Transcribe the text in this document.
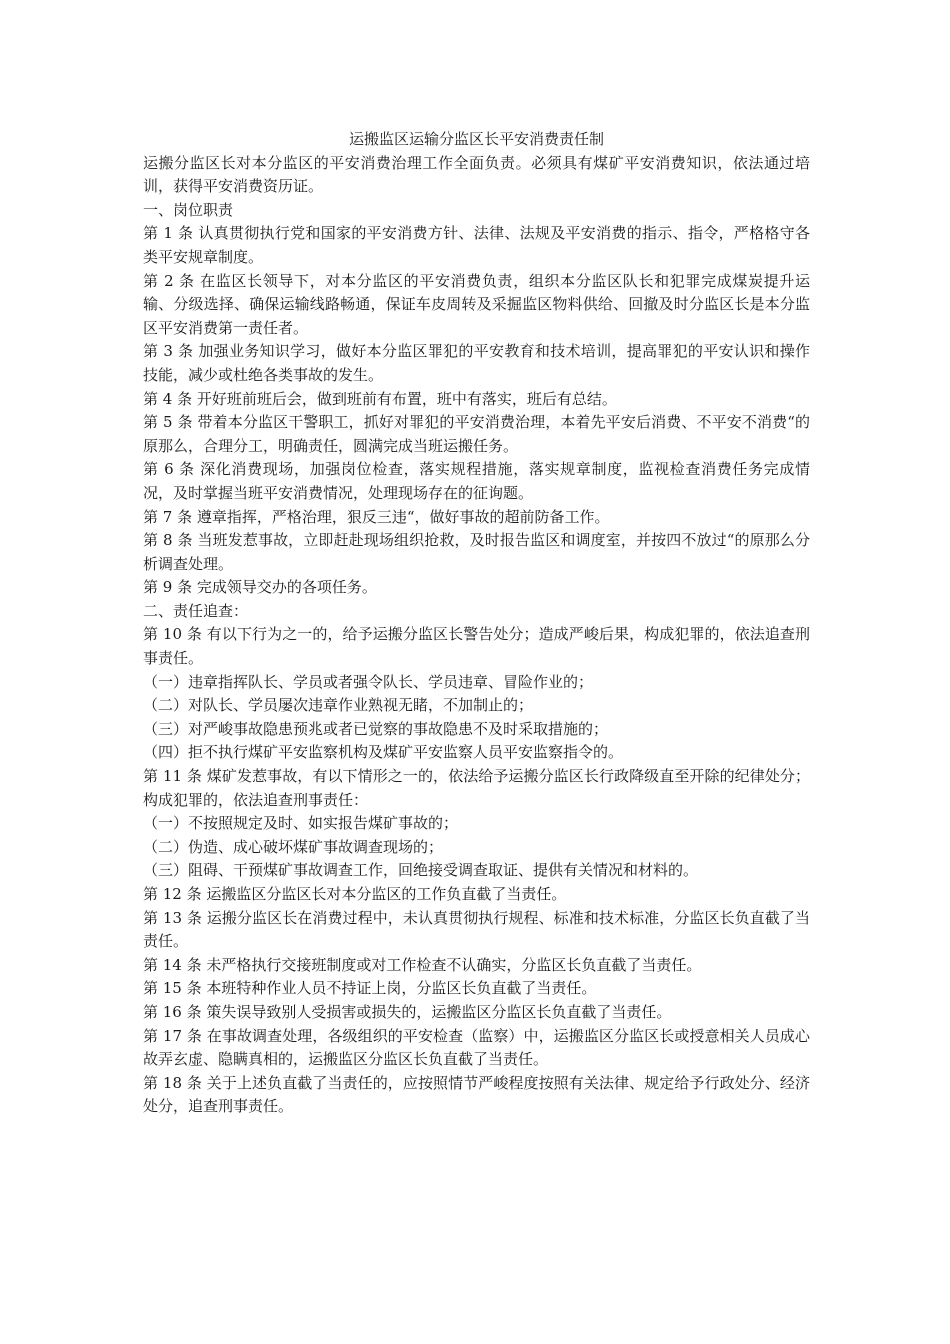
运搬监区运输分监区长平安消费责任制

运搬分监区长对本分监区的平安消费治理工作全面负责。必须具有煤矿平安消费知识，依法通过培训，获得平安消费资历证。

一、岗位职责

第 1 条 认真贯彻执行党和国家的平安消费方针、法律、法规及平安消费的指示、指令，严格格守各类平安规章制度。

第 2 条 在监区长领导下，对本分监区的平安消费负责，组织本分监区队长和犯罪完成煤炭提升运输、分级选择、确保运输线路畅通，保证车皮周转及采掘监区物料供给、回撤及时分监区长是本分监区平安消费第一责任者。

第 3 条 加强业务知识学习，做好本分监区罪犯的平安教育和技术培训，提高罪犯的平安认识和操作技能，减少或杜绝各类事故的发生。

第 4 条 开好班前班后会，做到班前有布置，班中有落实，班后有总结。

第 5 条 带着本分监区干警职工，抓好对罪犯的平安消费治理，本着先平安后消费、不平安不消费“的原那么，合理分工，明确责任，圆满完成当班运搬任务。

第 6 条 深化消费现场，加强岗位检查，落实规程措施，落实规章制度，监视检查消费任务完成情况，及时掌握当班平安消费情况，处理现场存在的征询题。

第 7 条 遵章指挥，严格治理，狠反三违“，做好事故的超前防备工作。

第 8 条 当班发惹事故，立即赶赴现场组织抢救，及时报告监区和调度室，并按四不放过“的原那么分析调查处理。

第 9 条 完成领导交办的各项任务。

二、责任追查：

第 10 条 有以下行为之一的，给予运搬分监区长警告处分；造成严峻后果，构成犯罪的，依法追查刑事责任。

（一）违章指挥队长、学员或者强令队长、学员违章、冒险作业的；

（二）对队长、学员屡次违章作业熟视无睹，不加制止的；

（三）对严峻事故隐患预兆或者已觉察的事故隐患不及时采取措施的；

（四）拒不执行煤矿平安监察机构及煤矿平安监察人员平安监察指令的。

第 11 条 煤矿发惹事故，有以下情形之一的，依法给予运搬分监区长行政降级直至开除的纪律处分；构成犯罪的，依法追查刑事责任：

（一）不按照规定及时、如实报告煤矿事故的；

（二）伪造、成心破坏煤矿事故调查现场的；

（三）阻碍、干预煤矿事故调查工作，回绝接受调查取证、提供有关情况和材料的。

第 12 条 运搬监区分监区长对本分监区的工作负直截了当责任。

第 13 条 运搬分监区长在消费过程中，未认真贯彻执行规程、标准和技术标准，分监区长负直截了当责任。

第 14 条 未严格执行交接班制度或对工作检查不认确实，分监区长负直截了当责任。

第 15 条 本班特种作业人员不持证上岗，分监区长负直截了当责任。

第 16 条 策失误导致别人受损害或损失的，运搬监区分监区长负直截了当责任。

第 17 条 在事故调查处理，各级组织的平安检查（监察）中，运搬监区分监区长或授意相关人员成心故弄玄虚、隐瞒真相的，运搬监区分监区长负直截了当责任。

第 18 条 关于上述负直截了当责任的，应按照情节严峻程度按照有关法律、规定给予行政处分、经济处分，追查刑事责任。
